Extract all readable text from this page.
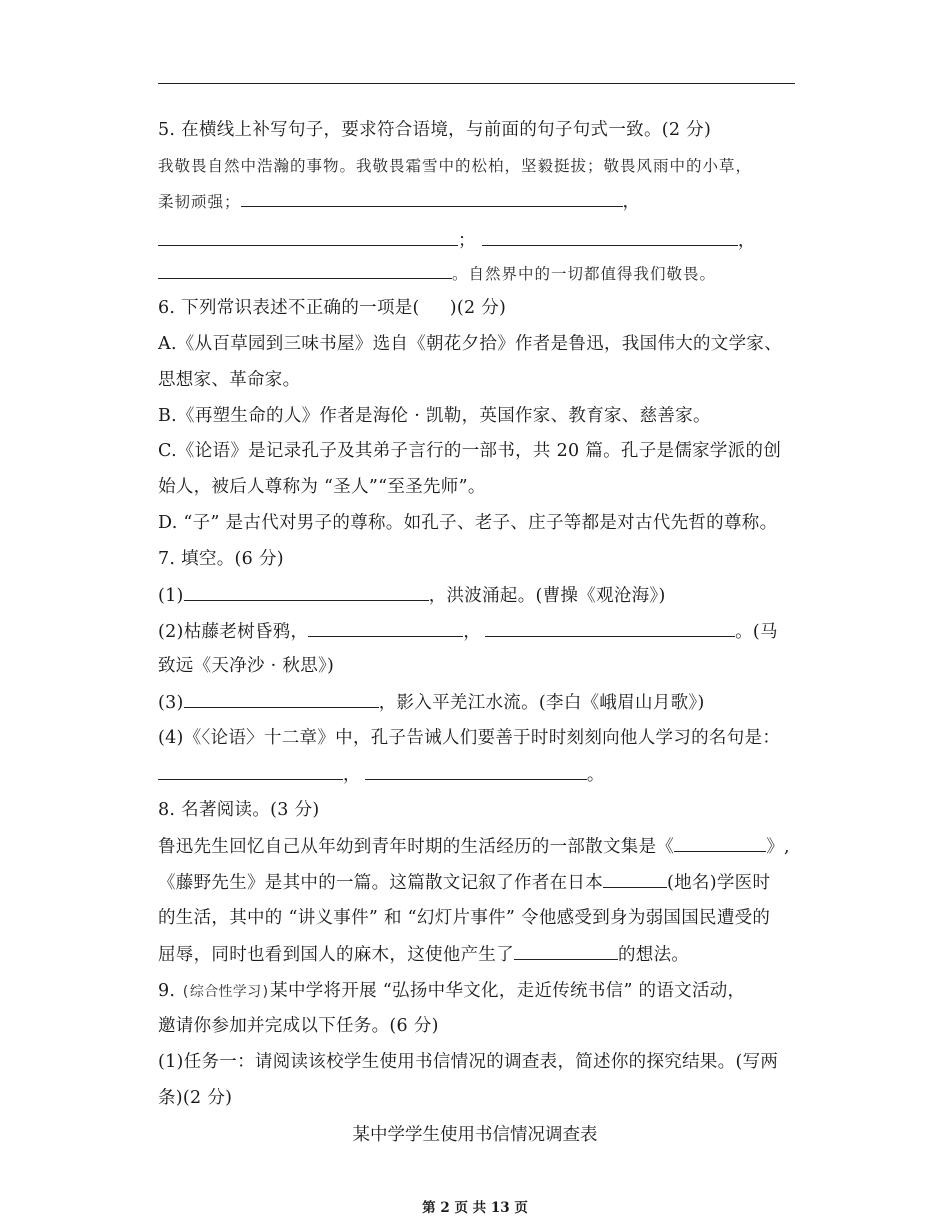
5. 在横线上补写句子，要求符合语境，与前面的句子句式一致。(2 分)
我敬畏自然中浩瀚的事物。我敬畏霜雪中的松柏，坚毅挺拔；敬畏风雨中的小草，
柔韧顽强；	，
；	，
。自然界中的一切都值得我们敬畏。
6. 下列常识表述不正确的一项是( )(2 分)
A.《从百草园到三味书屋》选自《朝花夕拾》作者是鲁迅，我国伟大的文学家、
思想家、革命家。
B.《再塑生命的人》作者是海伦 · 凯勒，英国作家、教育家、慈善家。
C.《论语》是记录孔子及其弟子言行的一部书，共 20 篇。孔子是儒家学派的创
始人，被后人尊称为 “圣人”“至圣先师”。
D. “子” 是古代对男子的尊称。如孔子、老子、庄子等都是对古代先哲的尊称。
7. 填空。(6 分)
(1)	，洪波涌起。(曹操《观沧海》)
(2)枯藤老树昏鸦，	，	。(马
致远《天净沙 · 秋思》)
(3)	，影入平羌江水流。(李白《峨眉山月歌》)
(4)《〈论语〉十二章》中，孔子告诫人们要善于时时刻刻向他人学习的名句是：
，	。
8. 名著阅读。(3 分)
鲁迅先生回忆自己从年幼到青年时期的生活经历的一部散文集是《	》,
《藤野先生》是其中的一篇。这篇散文记叙了作者在日本	(地名)学医时
的生活，其中的 “讲义事件” 和 “幻灯片事件” 令他感受到身为弱国国民遭受的
屈辱，同时也看到国人的麻木，这使他产生了	的想法。
9. (综合性学习)某中学将开展 “弘扬中华文化，走近传统书信” 的语文活动，
邀请你参加并完成以下任务。(6 分)
(1)任务一：请阅读该校学生使用书信情况的调查表，简述你的探究结果。(写两
条)(2 分)
某中学学生使用书信情况调查表
第 2 页 共 13 页
